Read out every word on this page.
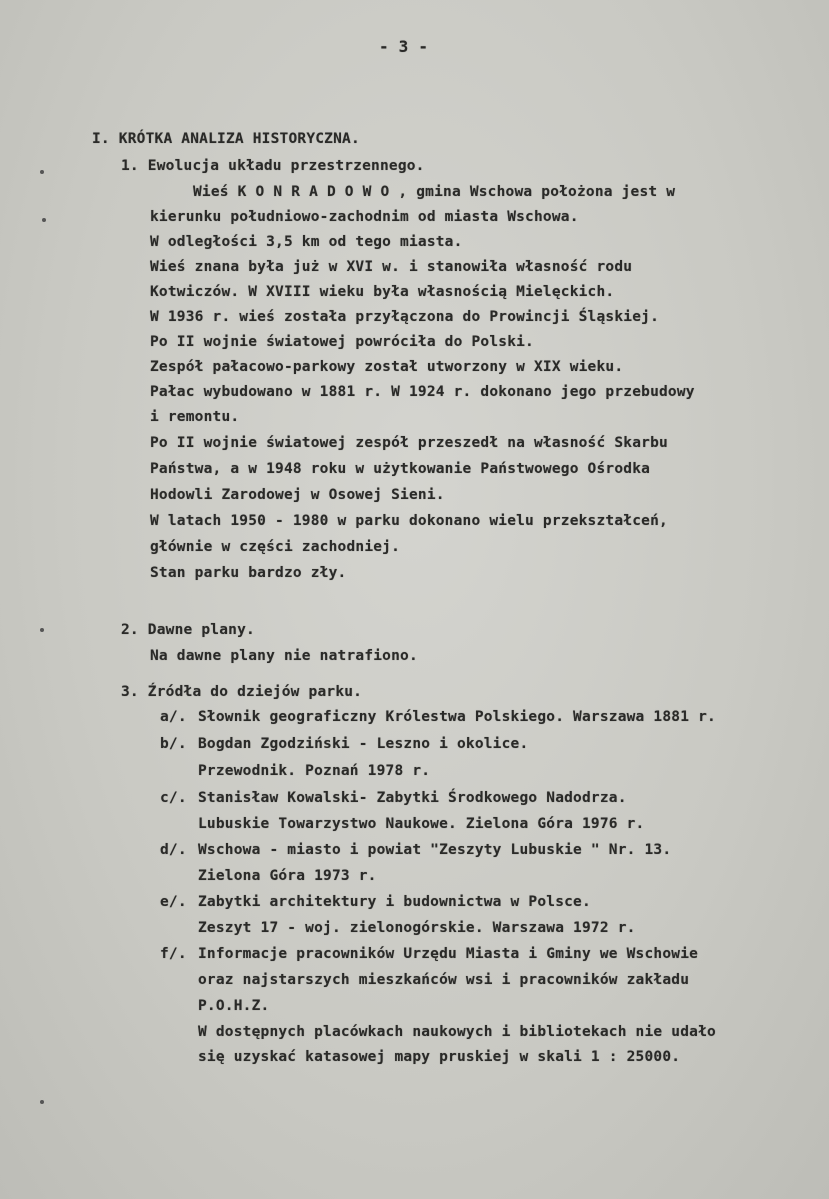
- 3 -
I. KRÓTKA ANALIZA HISTORYCZNA.
1. Ewolucja układu przestrzennego.
Wieś K O N R A D O W O , gmina Wschowa położona jest w
kierunku południowo-zachodnim od miasta Wschowa.
W odległości 3,5 km od tego miasta.
Wieś znana była już w XVI w. i stanowiła własność rodu
Kotwiczów. W XVIII wieku była własnością Mielęckich.
W 1936 r. wieś została przyłączona do Prowincji Śląskiej.
Po II wojnie światowej powróciła do Polski.
Zespół pałacowo-parkowy został utworzony w XIX wieku.
Pałac wybudowano w 1881 r. W 1924 r. dokonano jego przebudowy
i remontu.
Po II wojnie światowej zespół przeszedł na własność Skarbu
Państwa, a w 1948 roku w użytkowanie Państwowego Ośrodka
Hodowli Zarodowej w Osowej Sieni.
W latach 1950 - 1980 w parku dokonano wielu przekształceń,
głównie w części zachodniej.
Stan parku bardzo zły.
2. Dawne plany.
Na dawne plany nie natrafiono.
3. Źródła do dziejów parku.
a/. Słownik geograficzny Królestwa Polskiego. Warszawa 1881 r.
b/. Bogdan Zgodziński - Leszno i okolice.
Przewodnik. Poznań 1978 r.
c/. Stanisław Kowalski- Zabytki Środkowego Nadodrza.
Lubuskie Towarzystwo Naukowe. Zielona Góra 1976 r.
d/. Wschowa - miasto i powiat "Zeszyty Lubuskie " Nr. 13.
Zielona Góra 1973 r.
e/. Zabytki architektury i budownictwa w Polsce.
Zeszyt 17 - woj. zielonogórskie. Warszawa 1972 r.
f/. Informacje pracowników Urzędu Miasta i Gminy we Wschowie
oraz najstarszych mieszkańców wsi i pracowników zakładu
P.O.H.Z.
W dostępnych placówkach naukowych i bibliotekach nie udało
się uzyskać katasowej mapy pruskiej w skali 1 : 25000.
